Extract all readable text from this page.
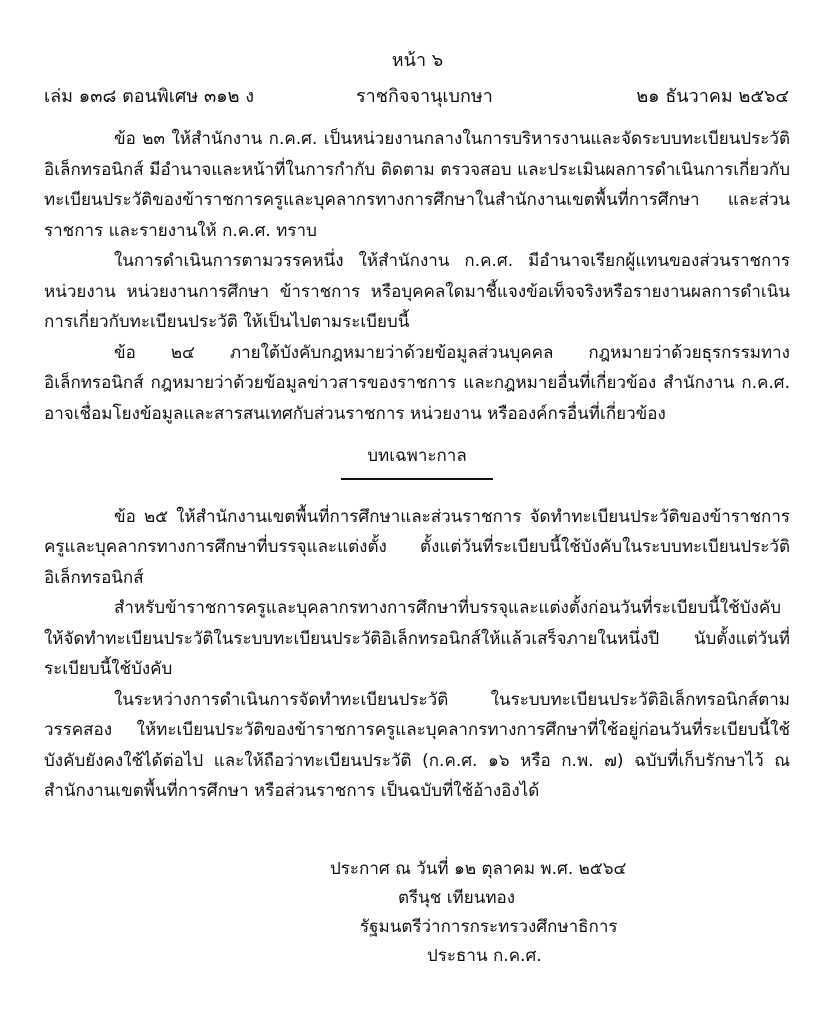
หน้า ๖
เล่ม ๑๓๘ ตอนพิเศษ ๓๑๒ ง	ราชกิจจานุเบกษา	๒๑ ธันวาคม ๒๕๖๔

ข้อ ๒๓ ให้สำนักงาน ก.ค.ศ. เป็นหน่วยงานกลางในการบริหารงานและจัดระบบทะเบียนประวัติอิเล็กทรอนิกส์ มีอำนาจและหน้าที่ในการกำกับ ติดตาม ตรวจสอบ และประเมินผลการดำเนินการเกี่ยวกับทะเบียนประวัติของข้าราชการครูและบุคลากรทางการศึกษาในสำนักงานเขตพื้นที่การศึกษา และส่วนราชการ และรายงานให้ ก.ค.ศ. ทราบ

ในการดำเนินการตามวรรคหนึ่ง ให้สำนักงาน ก.ค.ศ. มีอำนาจเรียกผู้แทนของส่วนราชการ หน่วยงาน หน่วยงานการศึกษา ข้าราชการ หรือบุคคลใดมาชี้แจงข้อเท็จจริงหรือรายงานผลการดำเนินการเกี่ยวกับทะเบียนประวัติ ให้เป็นไปตามระเบียบนี้

ข้อ ๒๔ ภายใต้บังคับกฎหมายว่าด้วยข้อมูลส่วนบุคคล กฎหมายว่าด้วยธุรกรรมทางอิเล็กทรอนิกส์ กฎหมายว่าด้วยข้อมูลข่าวสารของราชการ และกฎหมายอื่นที่เกี่ยวข้อง สำนักงาน ก.ค.ศ. อาจเชื่อมโยงข้อมูลและสารสนเทศกับส่วนราชการ หน่วยงาน หรือองค์กรอื่นที่เกี่ยวข้อง

บทเฉพาะกาล

ข้อ ๒๕ ให้สำนักงานเขตพื้นที่การศึกษาและส่วนราชการ จัดทำทะเบียนประวัติของข้าราชการครูและบุคลากรทางการศึกษาที่บรรจุและแต่งตั้ง ตั้งแต่วันที่ระเบียบนี้ใช้บังคับในระบบทะเบียนประวัติอิเล็กทรอนิกส์

สำหรับข้าราชการครูและบุคลากรทางการศึกษาที่บรรจุและแต่งตั้งก่อนวันที่ระเบียบนี้ใช้บังคับ ให้จัดทำทะเบียนประวัติในระบบทะเบียนประวัติอิเล็กทรอนิกส์ให้แล้วเสร็จภายในหนึ่งปี นับตั้งแต่วันที่ระเบียบนี้ใช้บังคับ

ในระหว่างการดำเนินการจัดทำทะเบียนประวัติ ในระบบทะเบียนประวัติอิเล็กทรอนิกส์ตามวรรคสอง ให้ทะเบียนประวัติของข้าราชการครูและบุคลากรทางการศึกษาที่ใช้อยู่ก่อนวันที่ระเบียบนี้ใช้บังคับยังคงใช้ได้ต่อไป และให้ถือว่าทะเบียนประวัติ (ก.ค.ศ. ๑๖ หรือ ก.พ. ๗) ฉบับที่เก็บรักษาไว้ ณ สำนักงานเขตพื้นที่การศึกษา หรือส่วนราชการ เป็นฉบับที่ใช้อ้างอิงได้

ประกาศ ณ วันที่ ๑๒ ตุลาคม พ.ศ. ๒๕๖๔
ตรีนุช เทียนทอง
รัฐมนตรีว่าการกระทรวงศึกษาธิการ
ประธาน ก.ค.ศ.
